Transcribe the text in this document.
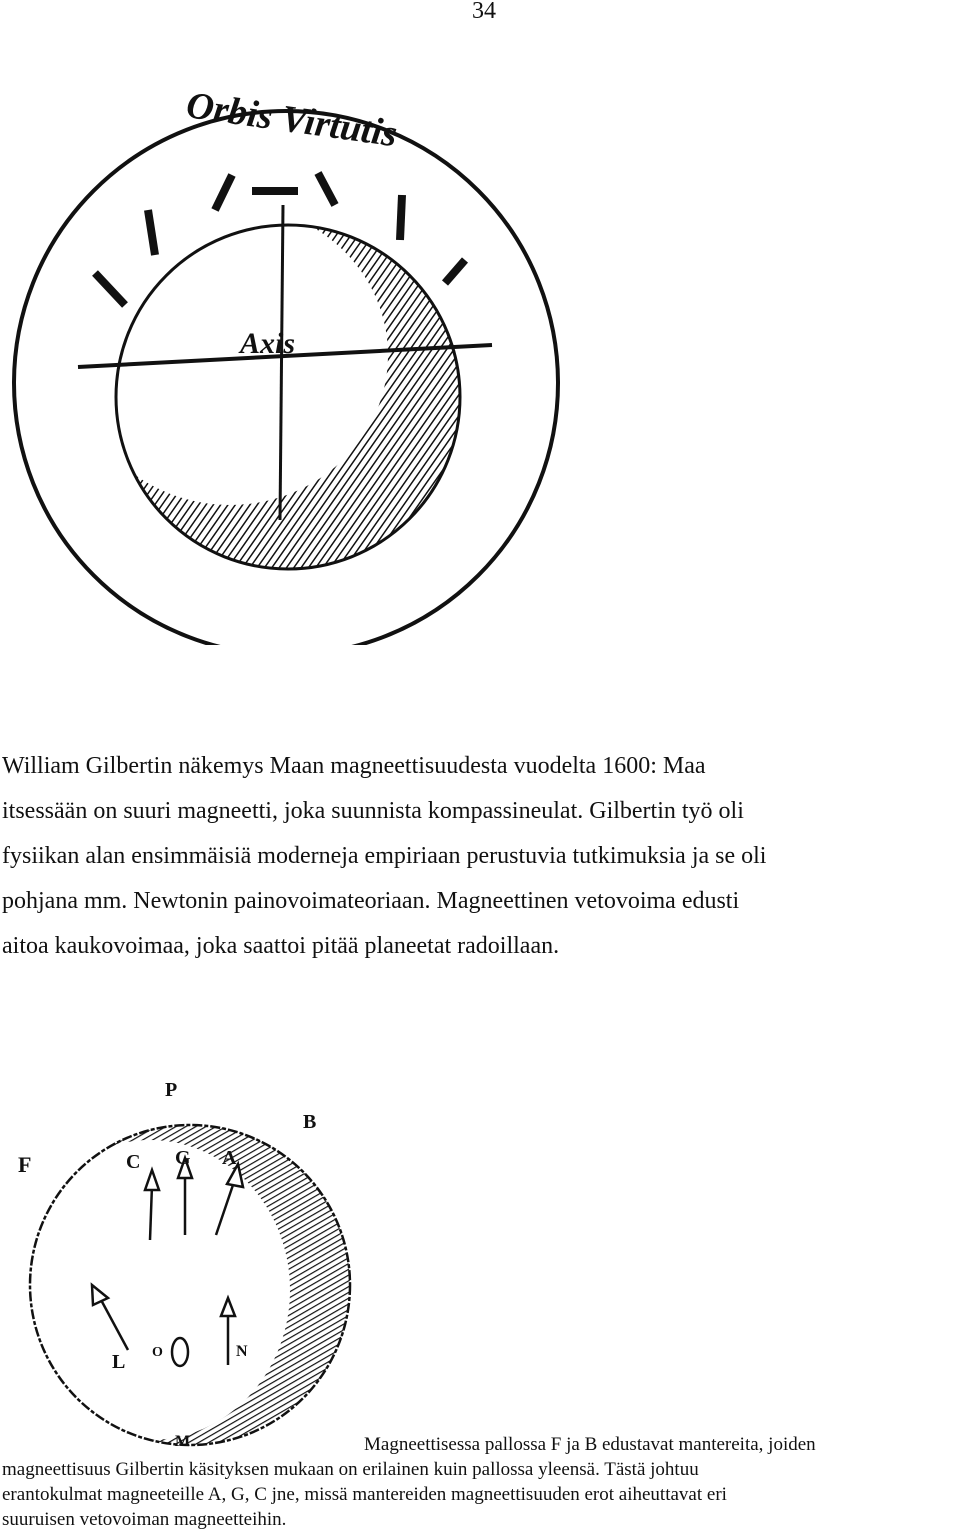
34
Orbis Virtutis
Axis
William Gilbertin näkemys Maan magneettisuudesta vuodelta 1600: Maa
itsessään on suuri magneetti, joka suunnista kompassineulat. Gilbertin työ oli
fysiikan alan ensimmäisiä moderneja empiriaan perustuvia tutkimuksia ja se oli
pohjana mm. Newtonin painovoimateoriaan. Magneettinen vetovoima edusti
aitoa kaukovoimaa, joka saattoi pitää planeetat radoillaan.
P
B
F	C G A
L O	N
M	Magneettisessa pallossa F ja B edustavat mantereita, joiden
magneettisuus Gilbertin käsityksen mukaan on erilainen kuin pallossa yleensä. Tästä johtuu
erantokulmat magneeteille A, G, C jne, missä mantereiden magneettisuuden erot aiheuttavat eri
suuruisen vetovoiman magneetteihin.
